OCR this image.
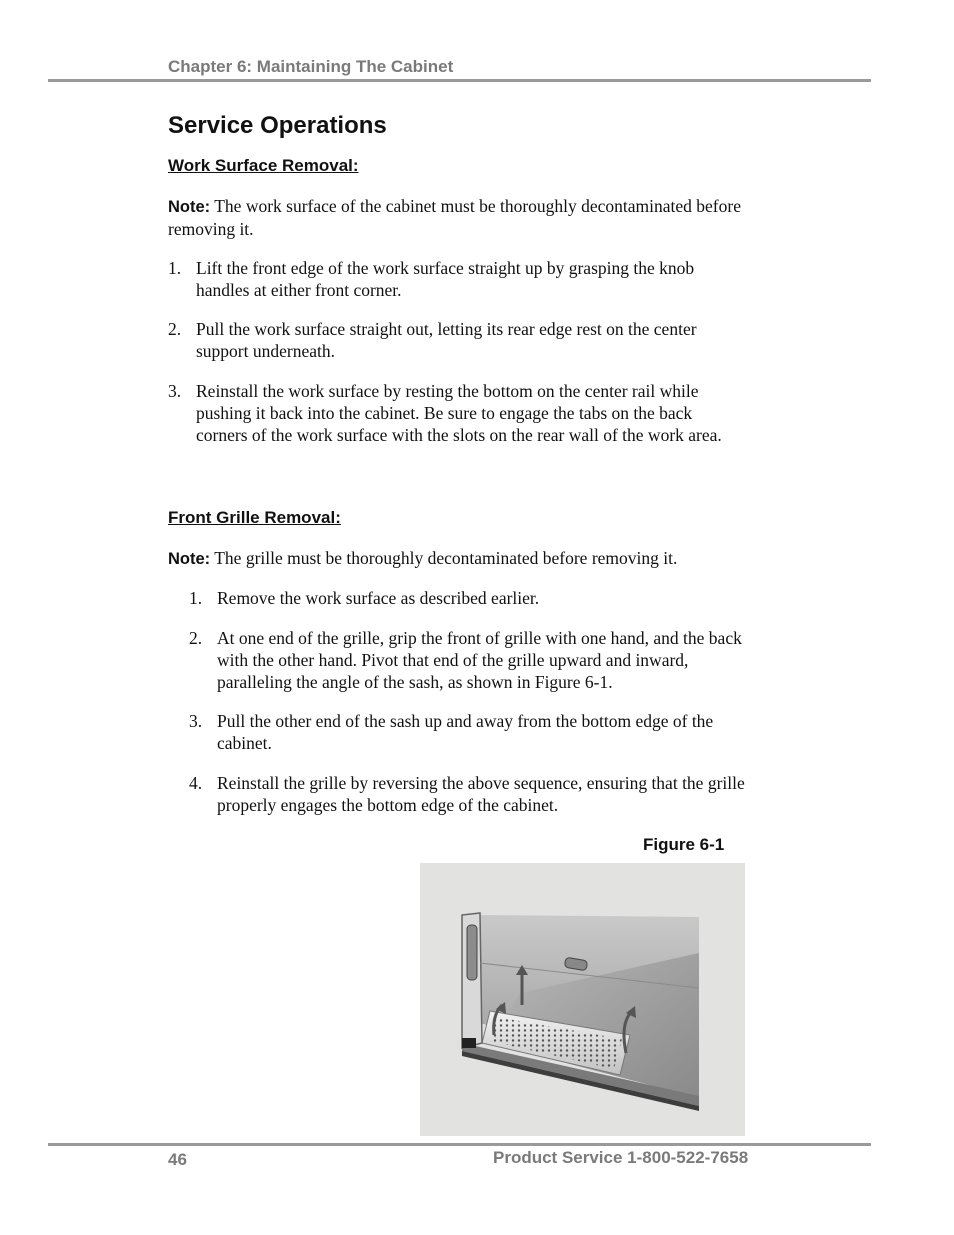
Chapter 6: Maintaining The Cabinet
Service Operations
Work Surface Removal:
Note: The work surface of the cabinet must be thoroughly decontaminated before removing it.
1. Lift the front edge of the work surface straight up by grasping the knob handles at either front corner.
2. Pull the work surface straight out, letting its rear edge rest on the center support underneath.
3. Reinstall the work surface by resting the bottom on the center rail while pushing it back into the cabinet. Be sure to engage the tabs on the back corners of the work surface with the slots on the rear wall of the work area.
Front Grille Removal:
Note: The grille must be thoroughly decontaminated before removing it.
1. Remove the work surface as described earlier.
2. At one end of the grille, grip the front of grille with one hand, and the back with the other hand. Pivot that end of the grille upward and inward, paralleling the angle of the sash, as shown in Figure 6-1.
3. Pull the other end of the sash up and away from the bottom edge of the cabinet.
4. Reinstall the grille by reversing the above sequence, ensuring that the grille properly engages the bottom edge of the cabinet.
Figure 6-1
46	Product Service 1-800-522-7658
